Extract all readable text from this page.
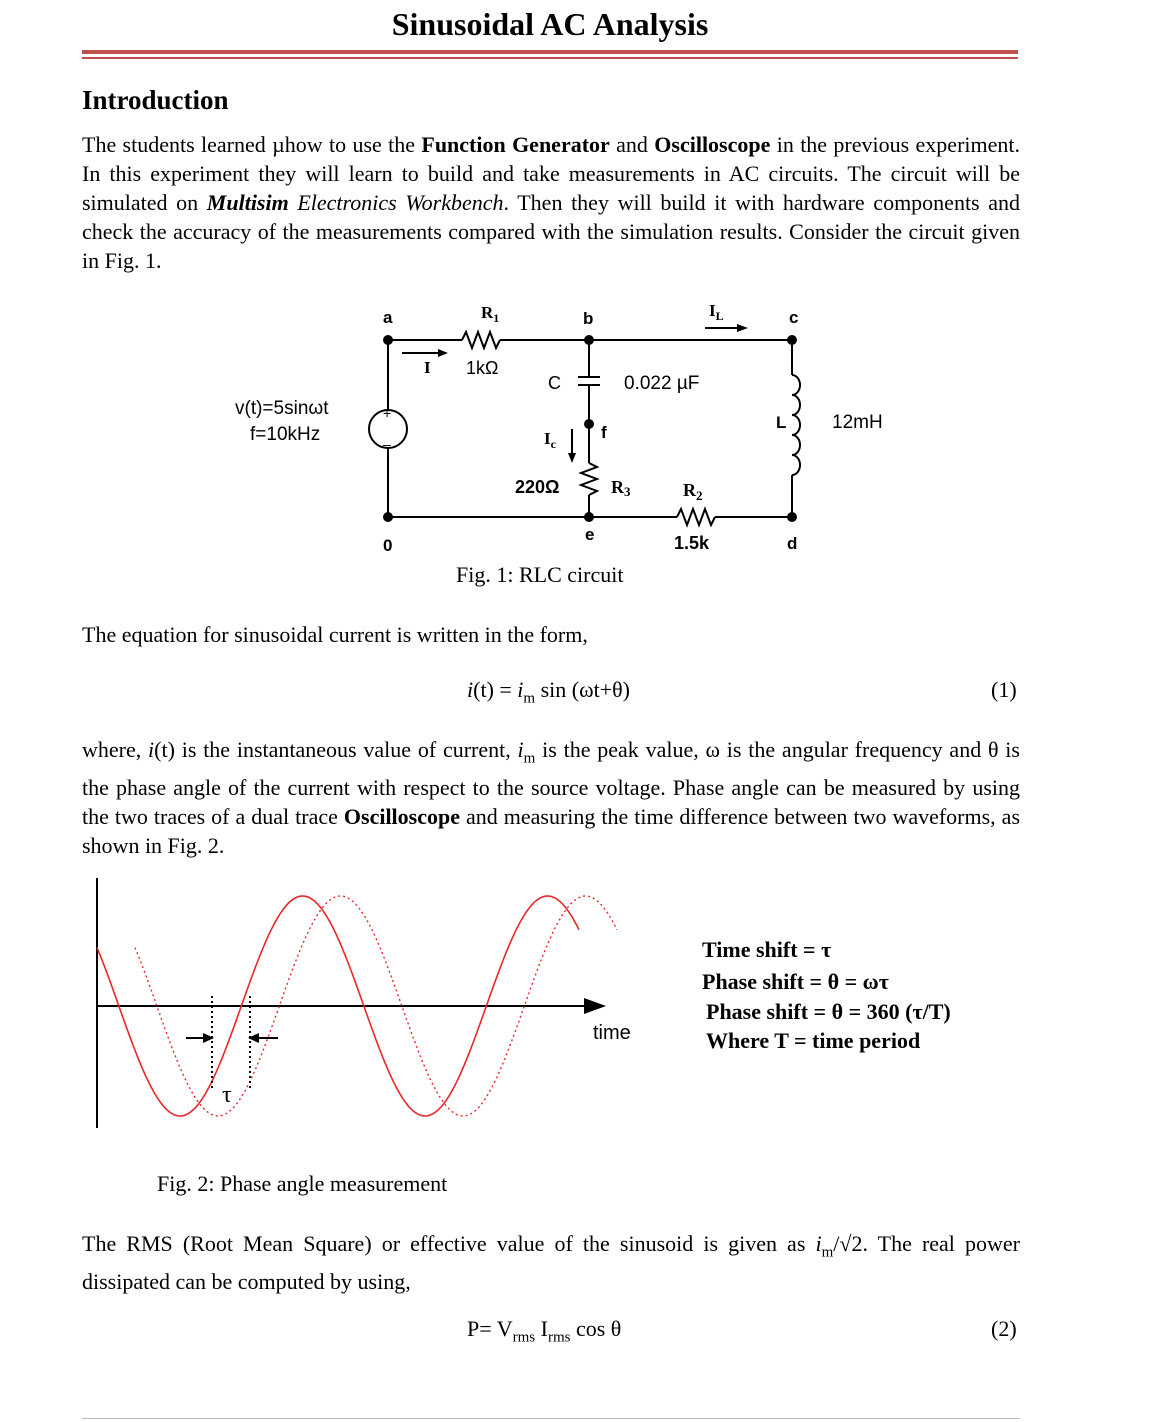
Sinusoidal AC Analysis
Introduction
The students learned µhow to use the Function Generator and Oscilloscope in the previous experiment. In this experiment they will learn to build and take measurements in AC circuits. The circuit will be simulated on Multisim Electronics Workbench. Then they will build it with hardware components and check the accuracy of the measurements compared with the simulation results. Consider the circuit given in Fig. 1.
a	b	c
0
e	d
f
$R_1$
1kΩ
I
$I_L$
C	0.022 µF
$I_c$
220Ω	R3	$R_2$
1.5k
L 12mH
v(t)=5sinωt
f=10kHz
+
_
Fig. 1: RLC circuit
The equation for sinusoidal current is written in the form,
$i(t) = i_m$ sin (ωt+θ)	(1)
where, i(t) is the instantaneous value of current, $i_m$ is the peak value, ω is the angular frequency and θ is the phase angle of the current with respect to the source voltage. Phase angle can be measured by using the two traces of a dual trace Oscilloscope and measuring the time difference between two waveforms, as shown in Fig. 2.
τ
time
Time shift = τ
Phase shift = θ = ωτ
Phase shift = θ = 360 (τ/T)
Where T = time period
Fig. 2: Phase angle measurement
The RMS (Root Mean Square) or effective value of the sinusoid is given as $i_m/√2$. The real power dissipated can be computed by using,
$P= V_{rms}$ $I_{rms}$ cos θ	(2)
